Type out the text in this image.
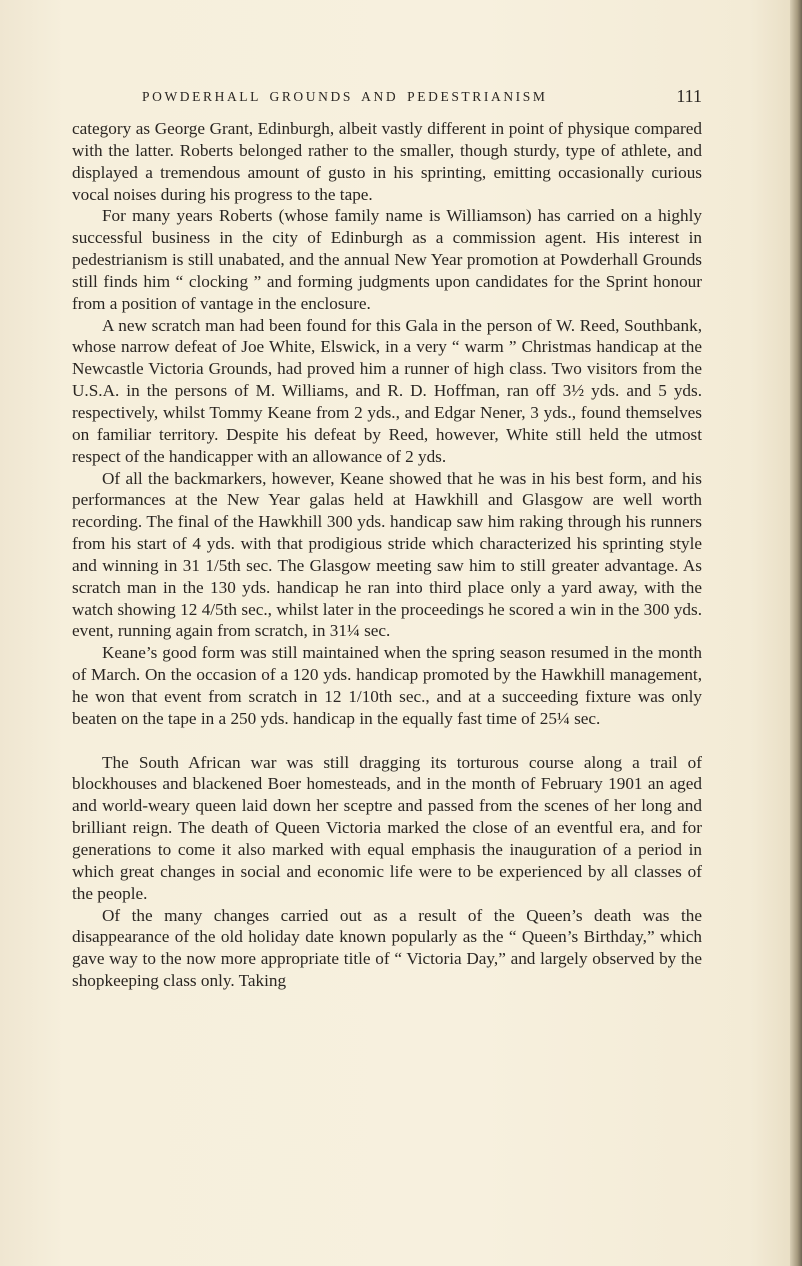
POWDERHALL GROUNDS AND PEDESTRIANISM	111

category as George Grant, Edinburgh, albeit vastly different in point of physique compared with the latter. Roberts belonged rather to the smaller, though sturdy, type of athlete, and displayed a tremendous amount of gusto in his sprinting, emitting occasionally curious vocal noises during his progress to the tape.

For many years Roberts (whose family name is Williamson) has carried on a highly successful business in the city of Edinburgh as a commission agent. His interest in pedestrianism is still unabated, and the annual New Year promotion at Powderhall Grounds still finds him “ clocking ” and forming judgments upon candidates for the Sprint honour from a position of vantage in the enclosure.

A new scratch man had been found for this Gala in the person of W. Reed, Southbank, whose narrow defeat of Joe White, Elswick, in a very “ warm ” Christmas handicap at the Newcastle Victoria Grounds, had proved him a runner of high class. Two visitors from the U.S.A. in the persons of M. Williams, and R. D. Hoffman, ran off 3½ yds. and 5 yds. respectively, whilst Tommy Keane from 2 yds., and Edgar Nener, 3 yds., found themselves on familiar territory. Despite his defeat by Reed, however, White still held the utmost respect of the handicapper with an allowance of 2 yds.

Of all the backmarkers, however, Keane showed that he was in his best form, and his performances at the New Year galas held at Hawkhill and Glasgow are well worth recording. The final of the Hawkhill 300 yds. handicap saw him raking through his runners from his start of 4 yds. with that prodigious stride which characterized his sprinting style and winning in 31 1/5th sec. The Glasgow meeting saw him to still greater advantage. As scratch man in the 130 yds. handicap he ran into third place only a yard away, with the watch showing 12 4/5th sec., whilst later in the proceedings he scored a win in the 300 yds. event, running again from scratch, in 31¼ sec.

Keane’s good form was still maintained when the spring season resumed in the month of March. On the occasion of a 120 yds. handicap promoted by the Hawkhill management, he won that event from scratch in 12 1/10th sec., and at a succeeding fixture was only beaten on the tape in a 250 yds. handicap in the equally fast time of 25¼ sec.

The South African war was still dragging its torturous course along a trail of blockhouses and blackened Boer homesteads, and in the month of February 1901 an aged and world-weary queen laid down her sceptre and passed from the scenes of her long and brilliant reign. The death of Queen Victoria marked the close of an eventful era, and for generations to come it also marked with equal emphasis the inauguration of a period in which great changes in social and economic life were to be experienced by all classes of the people.

Of the many changes carried out as a result of the Queen’s death was the disappearance of the old holiday date known popularly as the “ Queen’s Birthday,” which gave way to the now more appropriate title of “ Victoria Day,” and largely observed by the shopkeeping class only. Taking
